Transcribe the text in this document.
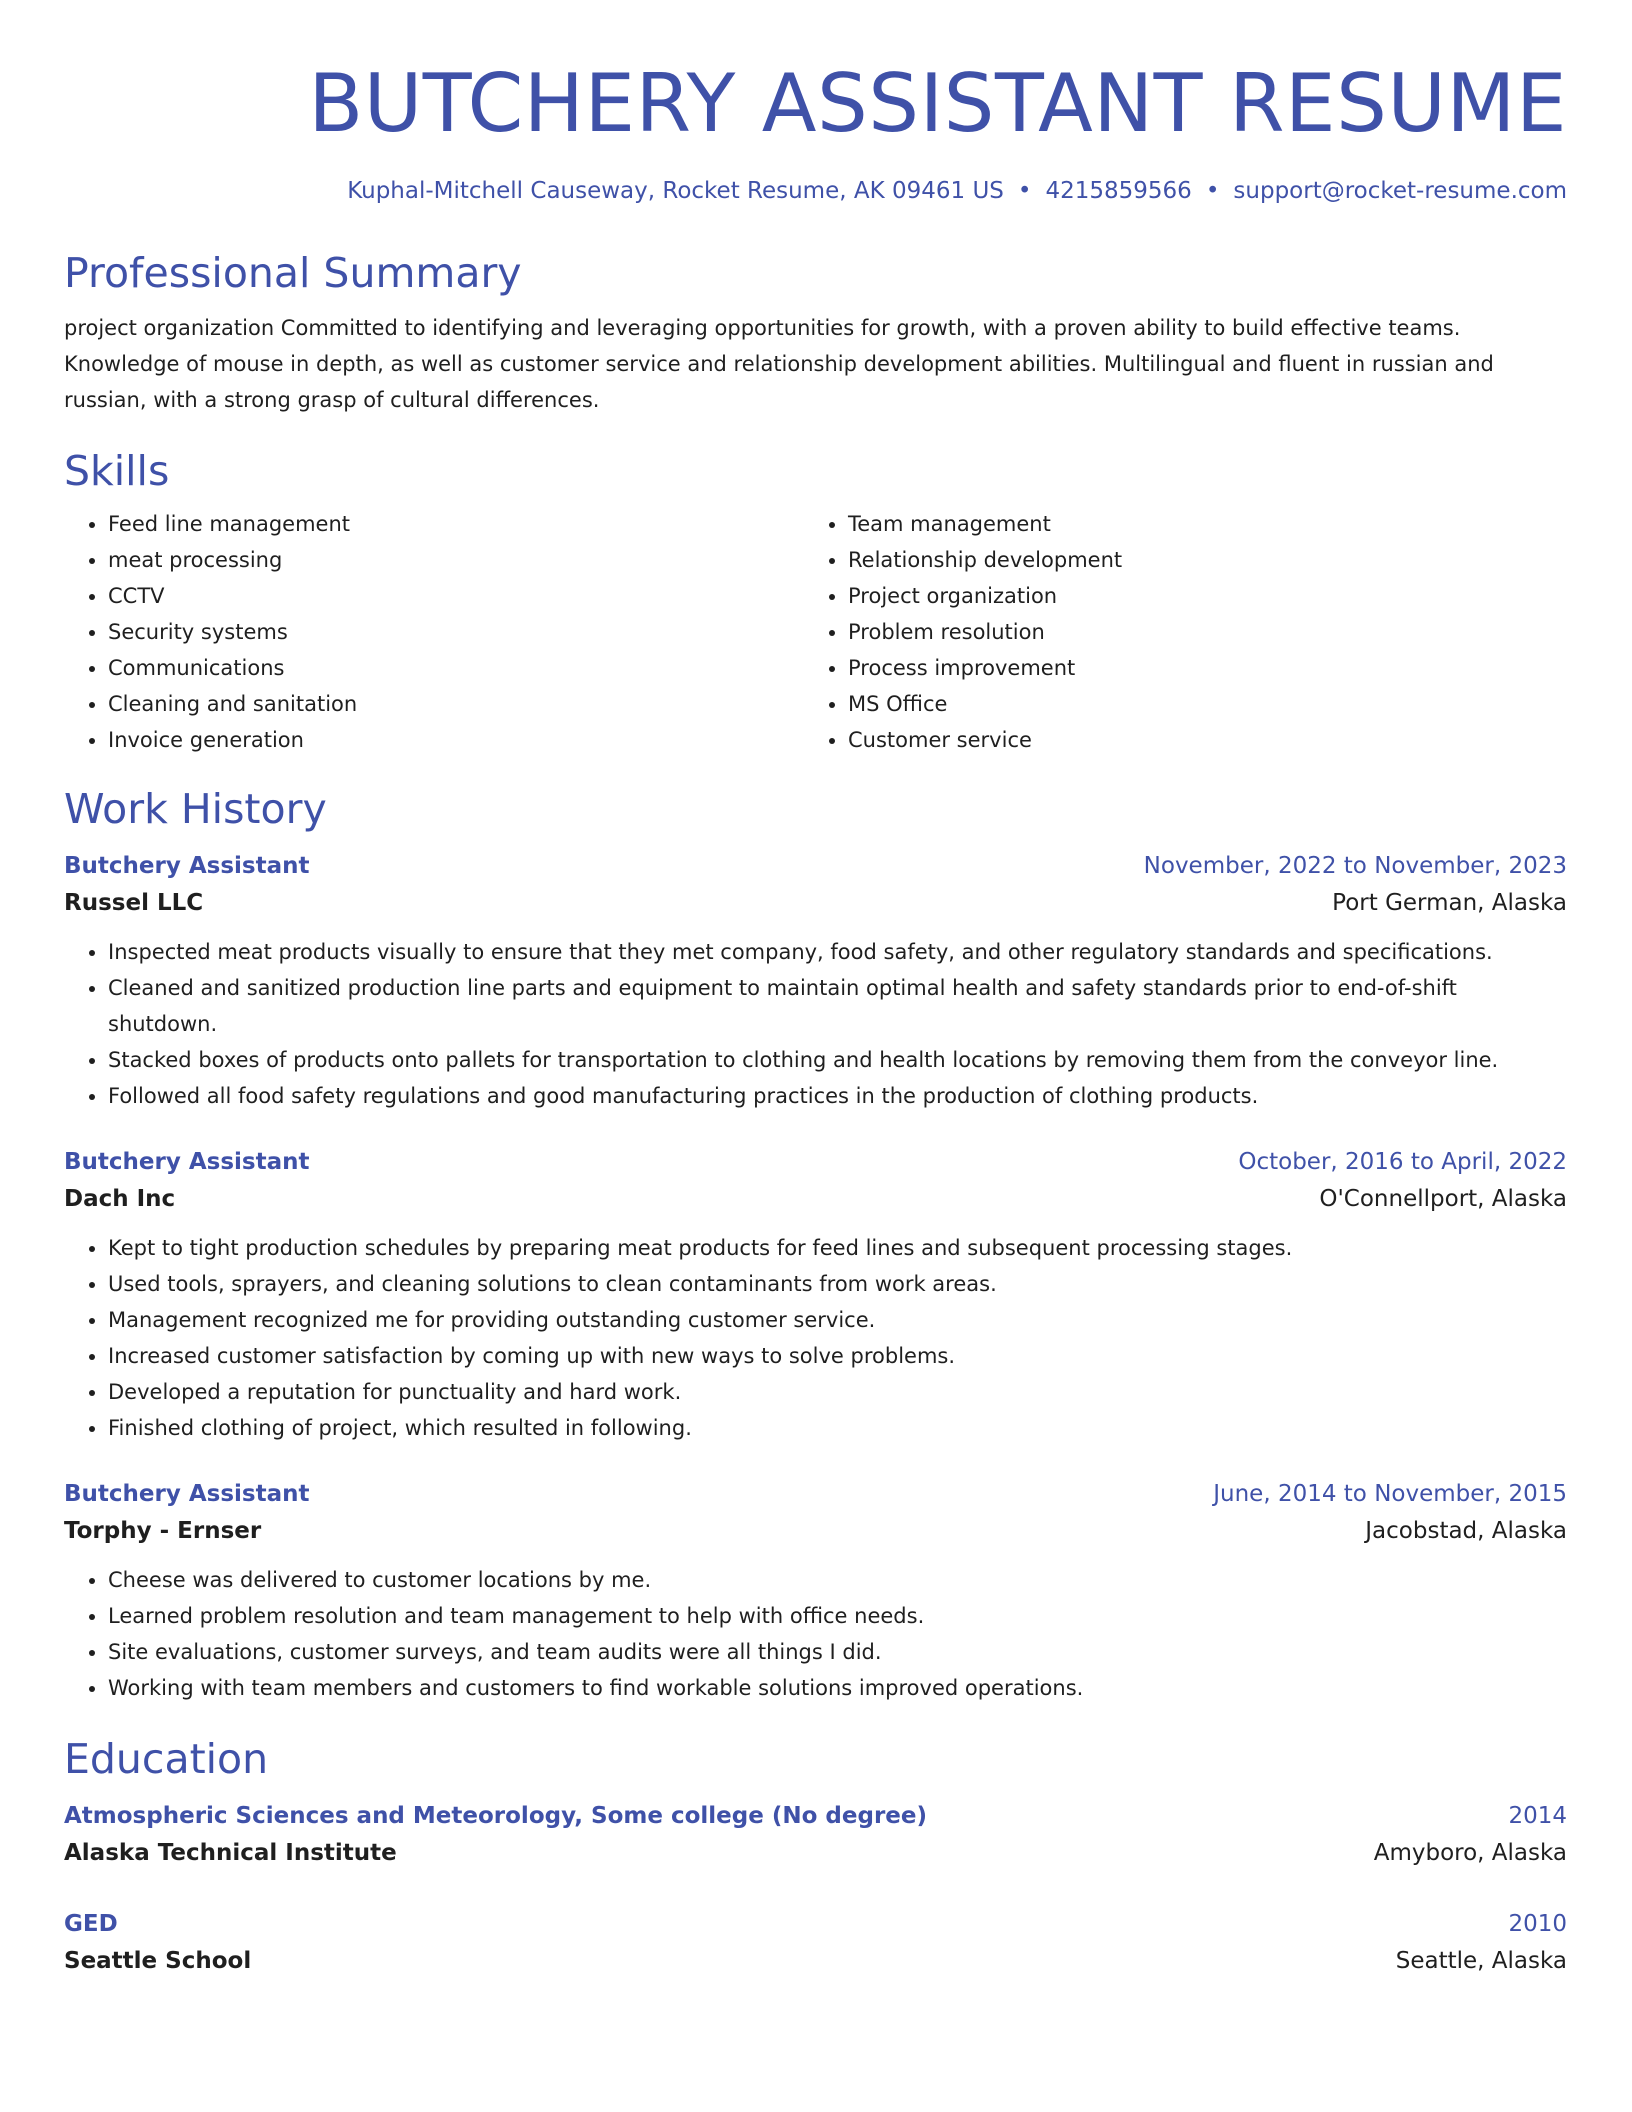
BUTCHERY ASSISTANT RESUME
Kuphal-Mitchell Causeway, Rocket Resume, AK 09461 US • 4215859566 • support@rocket-resume.com
Professional Summary

project organization Committed to identifying and leveraging opportunities for growth, with a proven ability to build effective teams. Knowledge of mouse in depth, as well as customer service and relationship development abilities. Multilingual and fluent in russian and russian, with a strong grasp of cultural differences.

Skills
• Feed line management
• meat processing
• CCTV
• Security systems
• Communications
• Cleaning and sanitation
• Invoice generation
• Team management
• Relationship development
• Project organization
• Problem resolution
• Process improvement
• MS Office
• Customer service
Work History
Butchery Assistant	November, 2022 to November, 2023
Russel LLC	Port German, Alaska
• Inspected meat products visually to ensure that they met company, food safety, and other regulatory standards and specifications.
• Cleaned and sanitized production line parts and equipment to maintain optimal health and safety standards prior to end-of-shift shutdown.
• Stacked boxes of products onto pallets for transportation to clothing and health locations by removing them from the conveyor line.
• Followed all food safety regulations and good manufacturing practices in the production of clothing products.
Butchery Assistant	October, 2016 to April, 2022
Dach Inc	O'Connellport, Alaska
• Kept to tight production schedules by preparing meat products for feed lines and subsequent processing stages.
• Used tools, sprayers, and cleaning solutions to clean contaminants from work areas.
• Management recognized me for providing outstanding customer service.
• Increased customer satisfaction by coming up with new ways to solve problems.
• Developed a reputation for punctuality and hard work.
• Finished clothing of project, which resulted in following.
Butchery Assistant	June, 2014 to November, 2015
Torphy - Ernser	Jacobstad, Alaska
• Cheese was delivered to customer locations by me.
• Learned problem resolution and team management to help with office needs.
• Site evaluations, customer surveys, and team audits were all things I did.
• Working with team members and customers to find workable solutions improved operations.
Education
Atmospheric Sciences and Meteorology, Some college (No degree)	2014
Alaska Technical Institute	Amyboro, Alaska
GED	2010
Seattle School	Seattle, Alaska
